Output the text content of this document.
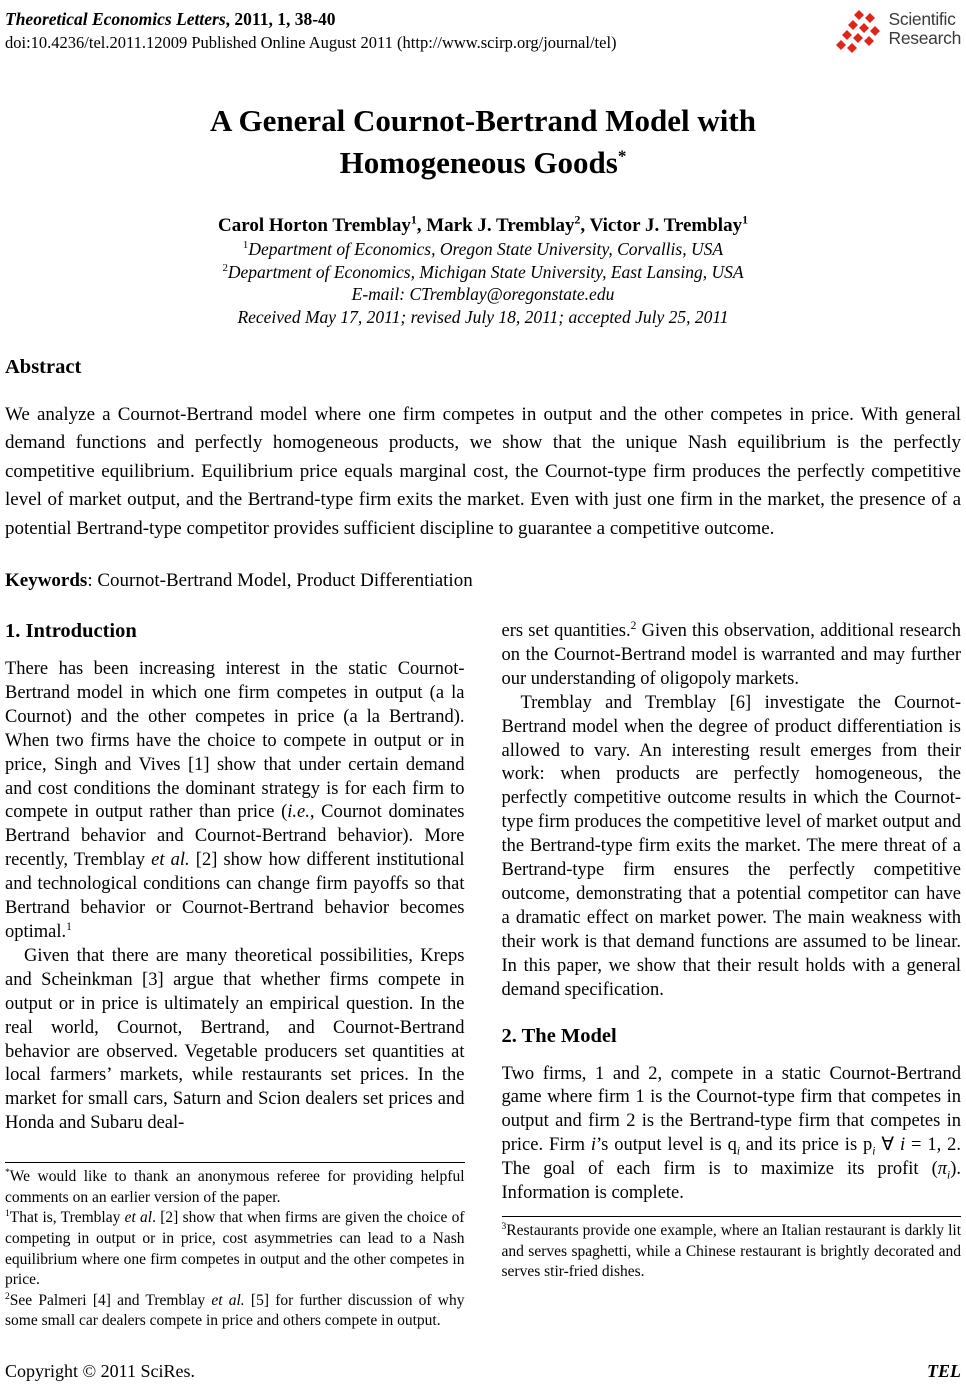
Theoretical Economics Letters, 2011, 1, 38-40
doi:10.4236/tel.2011.12009 Published Online August 2011 (http://www.scirp.org/journal/tel)
Scientific
Research
A General Cournot-Bertrand Model with
Homogeneous Goods*
Carol Horton Tremblay$^1$, Mark J. Tremblay$^2$, Victor J. Tremblay$^1$
$^1$Department of Economics, Oregon State University, Corvallis, USA
$^2$Department of Economics, Michigan State University, East Lansing, USA
E-mail: CTremblay@oregonstate.edu
Received May 17, 2011; revised July 18, 2011; accepted July 25, 2011
Abstract

We analyze a Cournot-Bertrand model where one firm competes in output and the other competes in price. With general demand functions and perfectly homogeneous products, we show that the unique Nash equilibrium is the perfectly competitive equilibrium. Equilibrium price equals marginal cost, the Cournot-type firm produces the perfectly competitive level of market output, and the Bertrand-type firm exits the market. Even with just one firm in the market, the presence of a potential Bertrand-type competitor provides sufficient discipline to guarantee a competitive outcome.

Keywords: Cournot-Bertrand Model, Product Differentiation

1. Introduction

There has been increasing interest in the static Cournot-Bertrand model in which one firm competes in output (a la Cournot) and the other competes in price (a la Bertrand). When two firms have the choice to compete in output or in price, Singh and Vives [1] show that under certain demand and cost conditions the dominant strategy is for each firm to compete in output rather than price (i.e., Cournot dominates Bertrand behavior and Cournot-Bertrand behavior). More recently, Tremblay et al. [2] show how different institutional and technological conditions can change firm payoffs so that Bertrand behavior or Cournot-Bertrand behavior becomes optimal.$^1$

Given that there are many theoretical possibilities, Kreps and Scheinkman [3] argue that whether firms compete in output or in price is ultimately an empirical question. In the real world, Cournot, Bertrand, and Cournot-Bertrand behavior are observed. Vegetable producers set quantities at local farmers’ markets, while restaurants set prices. In the market for small cars, Saturn and Scion dealers set prices and Honda and Subaru deal-

*We would like to thank an anonymous referee for providing helpful comments on an earlier version of the paper.

$^1$That is, Tremblay et al. [2] show that when firms are given the choice of competing in output or in price, cost asymmetries can lead to a Nash equilibrium where one firm competes in output and the other competes in price.

$^2$See Palmeri [4] and Tremblay et al. [5] for further discussion of why some small car dealers compete in price and others compete in output.

ers set quantities.$^2$ Given this observation, additional research on the Cournot-Bertrand model is warranted and may further our understanding of oligopoly markets.

Tremblay and Tremblay [6] investigate the Cournot-Bertrand model when the degree of product differentiation is allowed to vary. An interesting result emerges from their work: when products are perfectly homogeneous, the perfectly competitive outcome results in which the Cournot-type firm produces the competitive level of market output and the Bertrand-type firm exits the market. The mere threat of a Bertrand-type firm ensures the perfectly competitive outcome, demonstrating that a potential competitor can have a dramatic effect on market power. The main weakness with their work is that demand functions are assumed to be linear. In this paper, we show that their result holds with a general demand specification.

2. The Model

Two firms, 1 and 2, compete in a static Cournot-Bertrand game where firm 1 is the Cournot-type firm that competes in output and firm 2 is the Bertrand-type firm that competes in price. Firm i’s output level is $q_i$ and its price is $p_i$ ∀ i = 1, 2. The goal of each firm is to maximize its profit $(\pi_i)$. Information is complete.

$^3$Restaurants provide one example, where an Italian restaurant is darkly lit and serves spaghetti, while a Chinese restaurant is brightly decorated and serves stir-fried dishes.

Copyright © 2011 SciRes.	TEL
